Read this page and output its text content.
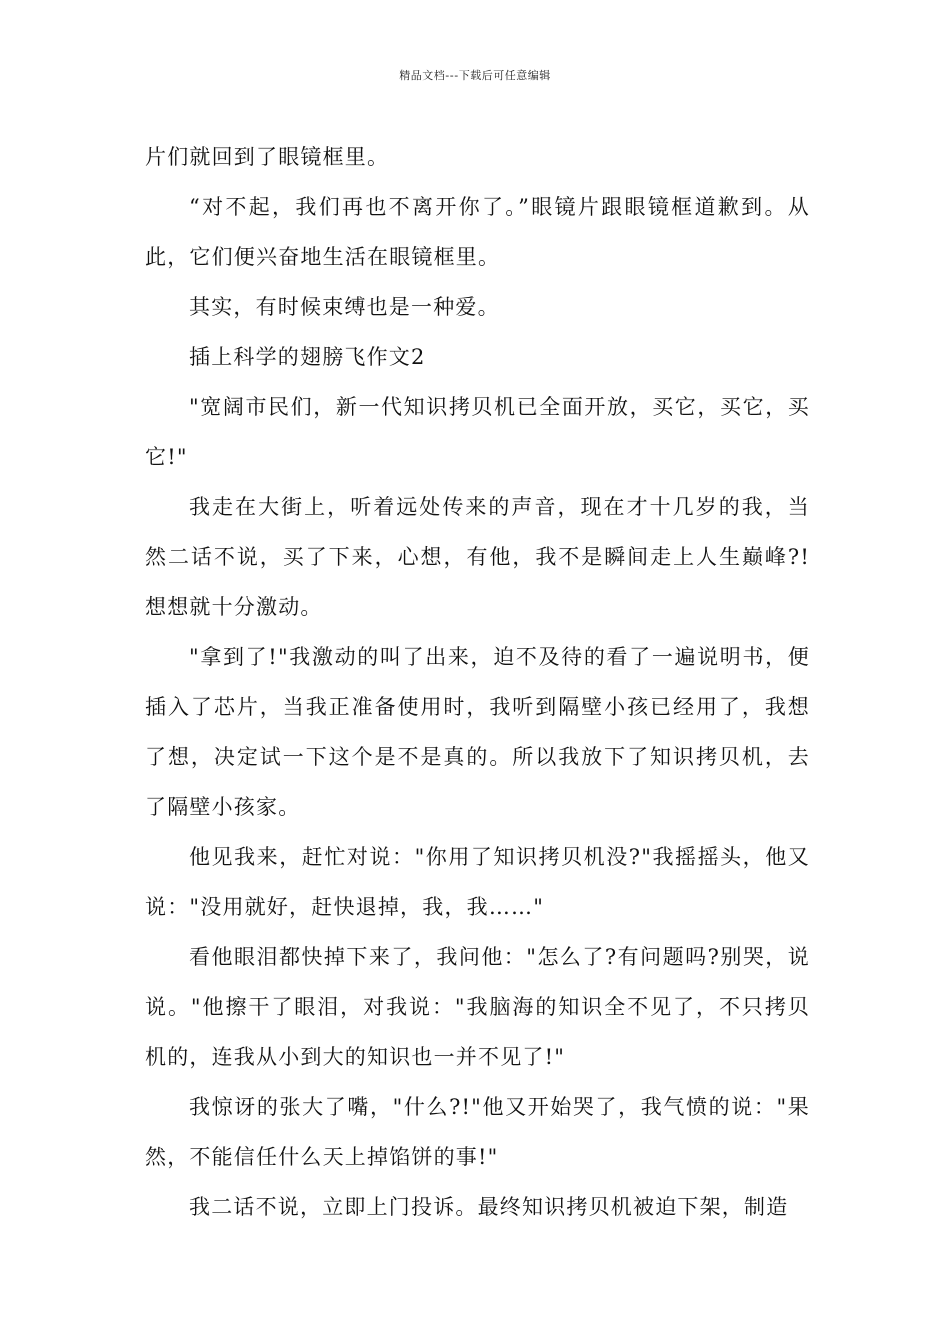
精品文档---下载后可任意编辑

片们就回到了眼镜框里。

“对不起，我们再也不离开你了。”眼镜片跟眼镜框道歉到。从此，它们便兴奋地生活在眼镜框里。

其实，有时候束缚也是一种爱。

插上科学的翅膀飞作文2

"宽阔市民们，新一代知识拷贝机已全面开放，买它，买它，买它!"

我走在大街上，听着远处传来的声音，现在才十几岁的我，当然二话不说，买了下来，心想，有他，我不是瞬间走上人生巅峰?!想想就十分激动。

"拿到了!"我激动的叫了出来，迫不及待的看了一遍说明书，便插入了芯片，当我正准备使用时，我听到隔壁小孩已经用了，我想了想，决定试一下这个是不是真的。所以我放下了知识拷贝机，去了隔壁小孩家。

他见我来，赶忙对说："你用了知识拷贝机没?"我摇摇头，他又说："没用就好，赶快退掉，我，我……"

看他眼泪都快掉下来了，我问他："怎么了?有问题吗?别哭，说说。"他擦干了眼泪，对我说："我脑海的知识全不见了，不只拷贝机的，连我从小到大的知识也一并不见了!"

我惊讶的张大了嘴，"什么?!"他又开始哭了，我气愤的说："果然，不能信任什么天上掉馅饼的事!"

我二话不说，立即上门投诉。最终知识拷贝机被迫下架，制造
